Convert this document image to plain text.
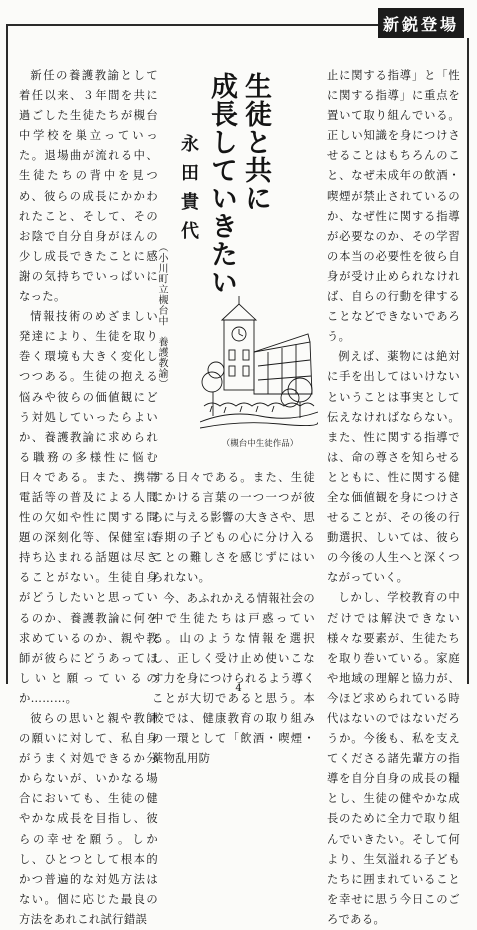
新鋭登場
生徒と共に
成長していきたい
永田貴代
（小川町立槻台中　養護教諭）

新任の養護教諭として着任以来、３年間を共に過ごした生徒たちが槻台中学校を巣立っていった。退場曲が流れる中、生徒たちの背中を見つめ、彼らの成長にかかわれたこと、そして、そのお陰で自分自身がほんの少し成長できたことに感謝の気持ちでいっぱいになった。

情報技術のめざましい発達により、生徒を取り巻く環境も大きく変化しつつある。生徒の抱える悩みや彼らの価値観にどう対処していったらよいか、養護教論に求められる職務の多様性に悩む日々である。また、携帯電話等の普及による人間性の欠如や性に関する問題の深刻化等、保健室に持ち込まれる話題は尽きることがない。生徒自身がどうしたいと思っているのか、養護教論に何を求めているのか、親や教師が彼らにどうあってほしいと願っているのか………。

彼らの思いと親や教師の願いに対して、私自身がうまく対処できるか分からないが、いかなる場合においても、生徒の健やかな成長を目指し、彼らの幸せを願う。しかし、ひとつとして根本的かつ普遍的な対処方法はない。個に応じた最良の方法をあれこれ試行錯誤

する日々である。また、生徒にかける言葉の一つ一つが彼らに与える影響の大きさや、思春期の子どもの心に分け入ることの難しさを感じずにはいられない。

今、あふれかえる情報社会の中で生徒たちは戸惑っている。山のような情報を選択し、正しく受け止め使いこなす力を身につけられるよう導くことが大切であると思う。本校では、健康教育の取り組みの一環として「飲酒・喫煙・薬物乱用防

止に関する指導」と「性に関する指導」に重点を置いて取り組んでいる。正しい知識を身につけさせることはもちろんのこと、なぜ未成年の飲酒・喫煙が禁止されているのか、なぜ性に関する指導が必要なのか、その学習の本当の必要性を彼ら自身が受け止められなければ、自らの行動を律することなどできないであろう。

例えば、薬物には絶対に手を出してはいけないということは事実として伝えなければならない。また、性に関する指導では、命の尊さを知らせるとともに、性に関する健全な価値観を身につけさせることが、その後の行動選択、しいては、彼らの今後の人生へと深くつながっていく。

しかし、学校教育の中だけでは解決できない様々な要素が、生徒たちを取り巻いている。家庭や地域の理解と協力が、今ほど求められている時代はないのではないだろうか。今後も、私を支えてくださる諸先輩方の指導を自分自身の成長の糧とし、生徒の健やかな成長のために全力で取り組んでいきたい。そして何より、生気溢れる子どもたちに囲まれていることを幸せに思う今日このごろである。

（槻台中生徒作品）
4
